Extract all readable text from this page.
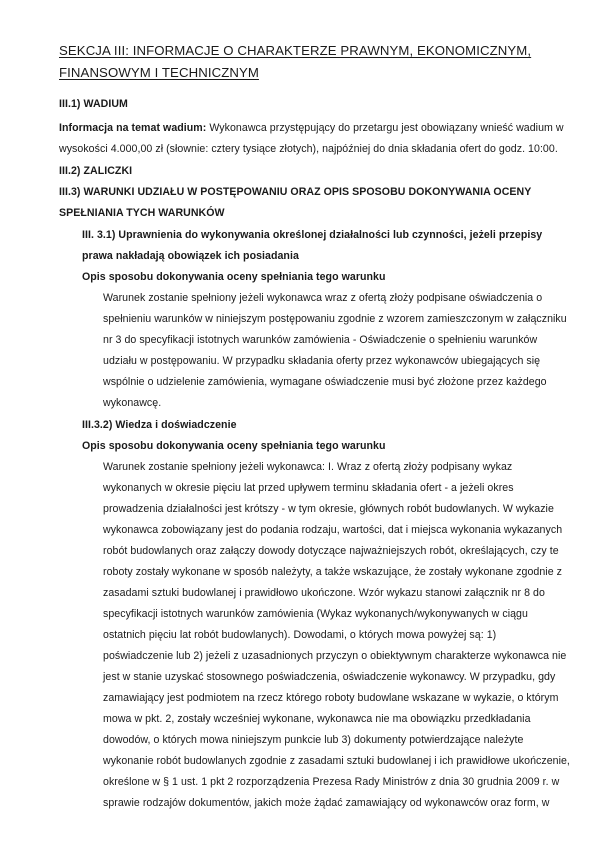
SEKCJA III: INFORMACJE O CHARAKTERZE PRAWNYM, EKONOMICZNYM,
FINANSOWYM I TECHNICZNYM
III.1) WADIUM
Informacja na temat wadium: Wykonawca przystępujący do przetargu jest obowiązany wnieść wadium w
wysokości 4.000,00 zł (słownie: cztery tysiące złotych), najpóźniej do dnia składania ofert do godz. 10:00.
III.2) ZALICZKI
III.3) WARUNKI UDZIAŁU W POSTĘPOWANIU ORAZ OPIS SPOSOBU DOKONYWANIA OCENY
SPEŁNIANIA TYCH WARUNKÓW
III. 3.1) Uprawnienia do wykonywania określonej działalności lub czynności, jeżeli przepisy
prawa nakładają obowiązek ich posiadania
Opis sposobu dokonywania oceny spełniania tego warunku
Warunek zostanie spełniony jeżeli wykonawca wraz z ofertą złoży podpisane oświadczenia o
spełnieniu warunków w niniejszym postępowaniu zgodnie z wzorem zamieszczonym w załączniku
nr 3 do specyfikacji istotnych warunków zamówienia - Oświadczenie o spełnieniu warunków
udziału w postępowaniu. W przypadku składania oferty przez wykonawców ubiegających się
wspólnie o udzielenie zamówienia, wymagane oświadczenie musi być złożone przez każdego
wykonawcę.
III.3.2) Wiedza i doświadczenie
Opis sposobu dokonywania oceny spełniania tego warunku
Warunek zostanie spełniony jeżeli wykonawca: I. Wraz z ofertą złoży podpisany wykaz
wykonanych w okresie pięciu lat przed upływem terminu składania ofert - a jeżeli okres
prowadzenia działalności jest krótszy - w tym okresie, głównych robót budowlanych. W wykazie
wykonawca zobowiązany jest do podania rodzaju, wartości, dat i miejsca wykonania wykazanych
robót budowlanych oraz załączy dowody dotyczące najważniejszych robót, określających, czy te
roboty zostały wykonane w sposób należyty, a także wskazujące, że zostały wykonane zgodnie z
zasadami sztuki budowlanej i prawidłowo ukończone. Wzór wykazu stanowi załącznik nr 8 do
specyfikacji istotnych warunków zamówienia (Wykaz wykonanych/wykonywanych w ciągu
ostatnich pięciu lat robót budowlanych). Dowodami, o których mowa powyżej są: 1)
poświadczenie lub 2) jeżeli z uzasadnionych przyczyn o obiektywnym charakterze wykonawca nie
jest w stanie uzyskać stosownego poświadczenia, oświadczenie wykonawcy. W przypadku, gdy
zamawiający jest podmiotem na rzecz którego roboty budowlane wskazane w wykazie, o którym
mowa w pkt. 2, zostały wcześniej wykonane, wykonawca nie ma obowiązku przedkładania
dowodów, o których mowa niniejszym punkcie lub 3) dokumenty potwierdzające należyte
wykonanie robót budowlanych zgodnie z zasadami sztuki budowlanej i ich prawidłowe ukończenie,
określone w § 1 ust. 1 pkt 2 rozporządzenia Prezesa Rady Ministrów z dnia 30 grudnia 2009 r. w
sprawie rodzajów dokumentów, jakich może żądać zamawiający od wykonawców oraz form, w
